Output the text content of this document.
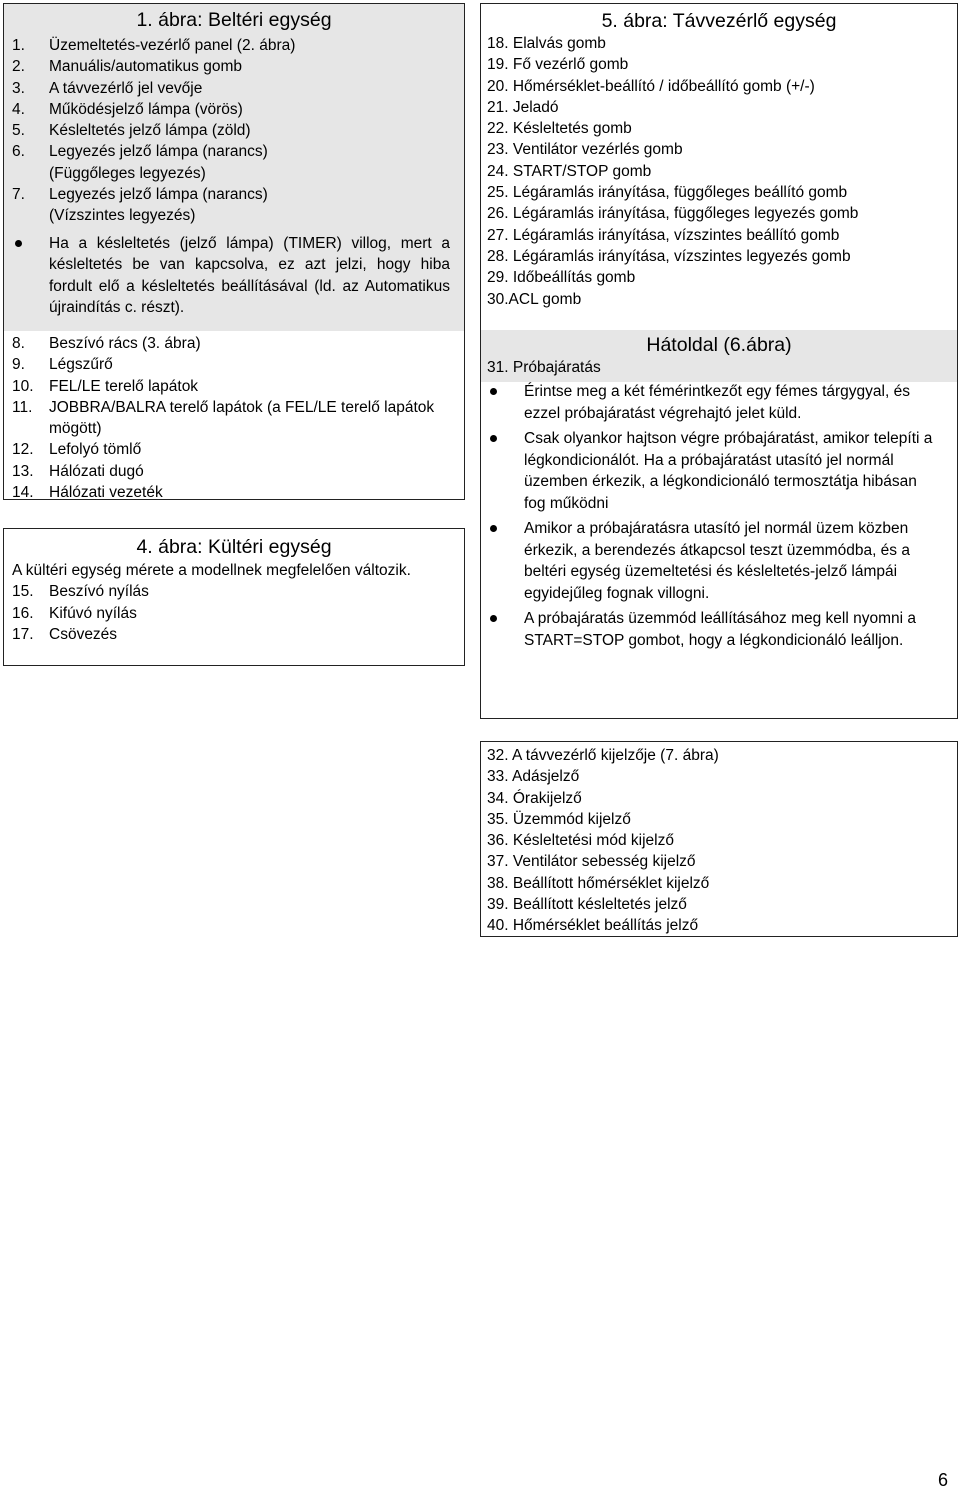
1. ábra: Beltéri egység
1.	Üzemeltetés-vezérlő panel (2. ábra)
2.	Manuális/automatikus gomb
3.	A távvezérlő jel vevője
4.	Működésjelző lámpa (vörös)
5.	Késleltetés jelző lámpa (zöld)
6.	Legyezés jelző lámpa (narancs) (Függőleges legyezés)
7.	Legyezés jelző lámpa (narancs) (Vízszintes legyezés)
Ha a késleltetés (jelző lámpa) (TIMER) villog, mert a késleltetés be van kapcsolva, ez azt jelzi, hogy hiba fordult elő a késleltetés beállításával (ld. az Automatikus újraindítás c. részt).
8.	Beszívó rács (3. ábra)
9.	Légszűrő
10. FEL/LE terelő lapátok
11.	JOBBRA/BALRA terelő lapátok (a FEL/LE terelő lapátok mögött)
12. Lefolyó tömlő
13. Hálózati dugó
14. Hálózati vezeték
4. ábra: Kültéri egység
A kültéri egység mérete a modellnek megfelelően változik.
15. Beszívó nyílás
16. Kifúvó nyílás
17. Csövezés
5. ábra: Távvezérlő egység
18. Elalvás gomb
19. Fő vezérlő gomb
20. Hőmérséklet-beállító / időbeállító gomb (+/-)
21. Jeladó
22. Késleltetés gomb
23. Ventilátor vezérlés gomb
24. START/STOP gomb
25. Légáramlás irányítása, függőleges beállító gomb
26. Légáramlás irányítása, függőleges legyezés gomb
27. Légáramlás irányítása, vízszintes beállító gomb
28. Légáramlás irányítása, vízszintes legyezés gomb
29. Időbeállítás gomb
30.ACL gomb
Hátoldal (6.ábra)
31. Próbajáratás
Érintse meg a két fémérintkezőt egy fémes tárgygyal, és ezzel próbajáratást végrehajtó jelet küld.
Csak olyankor hajtson végre próbajáratást, amikor telepíti a légkondicionálót. Ha a próbajáratást utasító jel normál üzemben érkezik, a légkondicionáló termosztátja hibásan fog működni
Amikor a próbajáratásra utasító jel normál üzem közben érkezik, a berendezés átkapcsol teszt üzemmódba, és a beltéri egység üzemeltetési és késleltetés-jelző lámpái egyidejűleg fognak villogni.
A próbajáratás üzemmód leállításához meg kell nyomni a START=STOP gombot, hogy a légkondicionáló leálljon.
32. A távvezérlő kijelzője (7. ábra)
33. Adásjelző
34. Órakijelző
35. Üzemmód kijelző
36. Késleltetési mód kijelző
37. Ventilátor sebesség kijelző
38. Beállított hőmérséklet kijelző
39. Beállított késleltetés jelző
40. Hőmérséklet beállítás jelző
6
